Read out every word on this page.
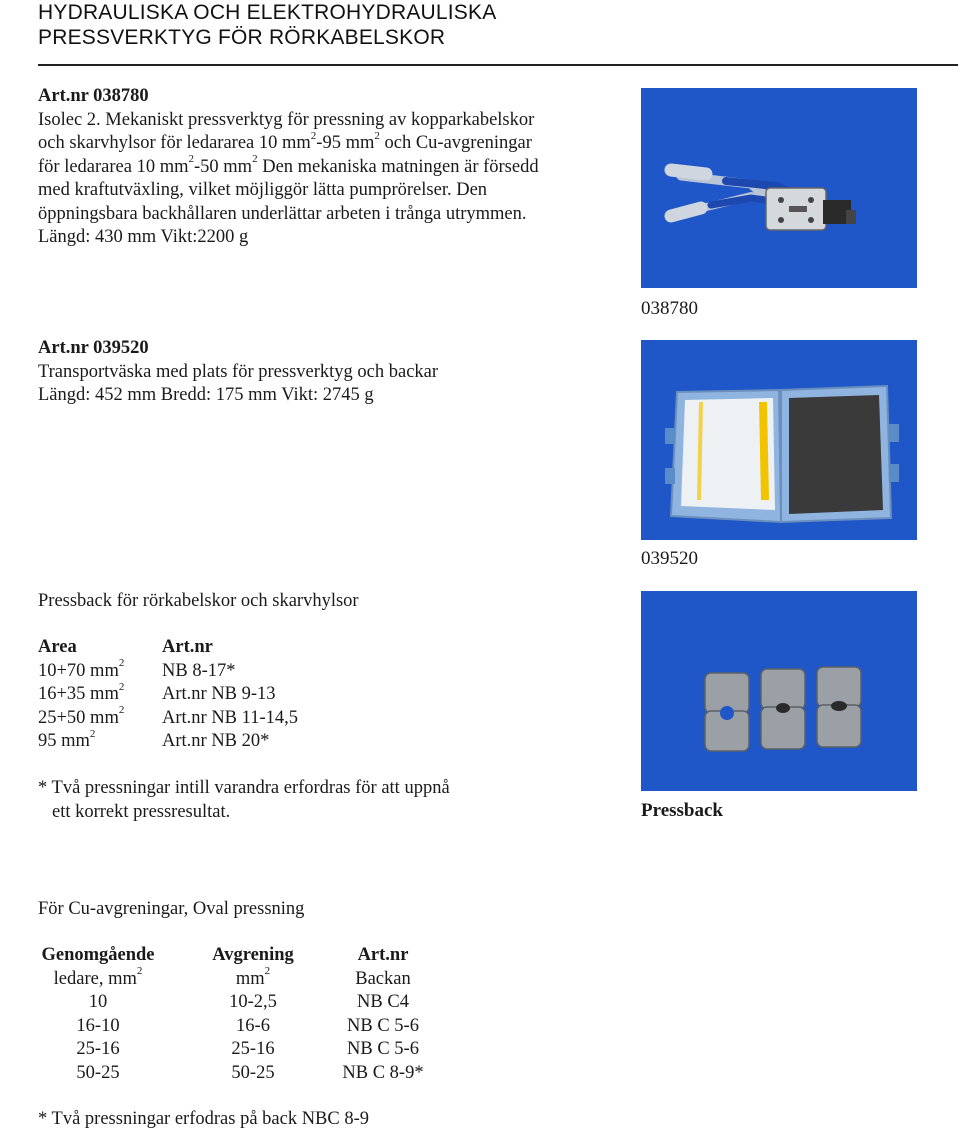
HYDRAULISKA OCH ELEKTROHYDRAULISKA
PRESSVERKTYG FÖR RÖRKABELSKOR
Art.nr 038780
Isolec 2. Mekaniskt pressverktyg för pressning av kopparkabelskor
och skarvhylsor för ledararea 10 $mm^2-95$ $mm^2$ och Cu-avgreningar
för ledararea 10 $mm^2-50$ $mm^2$ Den mekaniska matningen är försedd
med kraftutväxling, vilket möjliggör lätta pumprörelser. Den
öppningsbara backhållaren underlättar arbeten i trånga utrymmen.
Längd: 430 mm Vikt:2200 g
038780
Art.nr 039520
Transportväska med plats för pressverktyg och backar
Längd: 452 mm Bredd: 175 mm Vikt: 2745 g
039520
Pressback för rörkabelskor och skarvhylsor
Area	Art.nr
10+70 $mm^2$ NB 8-17*
16+35 $mm^2$ Art.nr NB 9-13
25+50 $mm^2$ Art.nr NB 11-14,5
95 $mm^2$	Art.nr NB 20*
* Två pressningar intill varandra erfordras för att uppnå
ett korrekt pressresultat.	Pressback
För Cu-avgreningar, Oval pressning
Genomgående	Avgrening	Art.nr
ledare, $mm^2$	$mm^2$	Backan
10	10-2,5	NB C4
16-10	16-6	NB C 5-6
25-16	25-16	NB C 5-6
50-25	50-25	NB C 8-9*
* Två pressningar erfodras på back NBC 8-9
